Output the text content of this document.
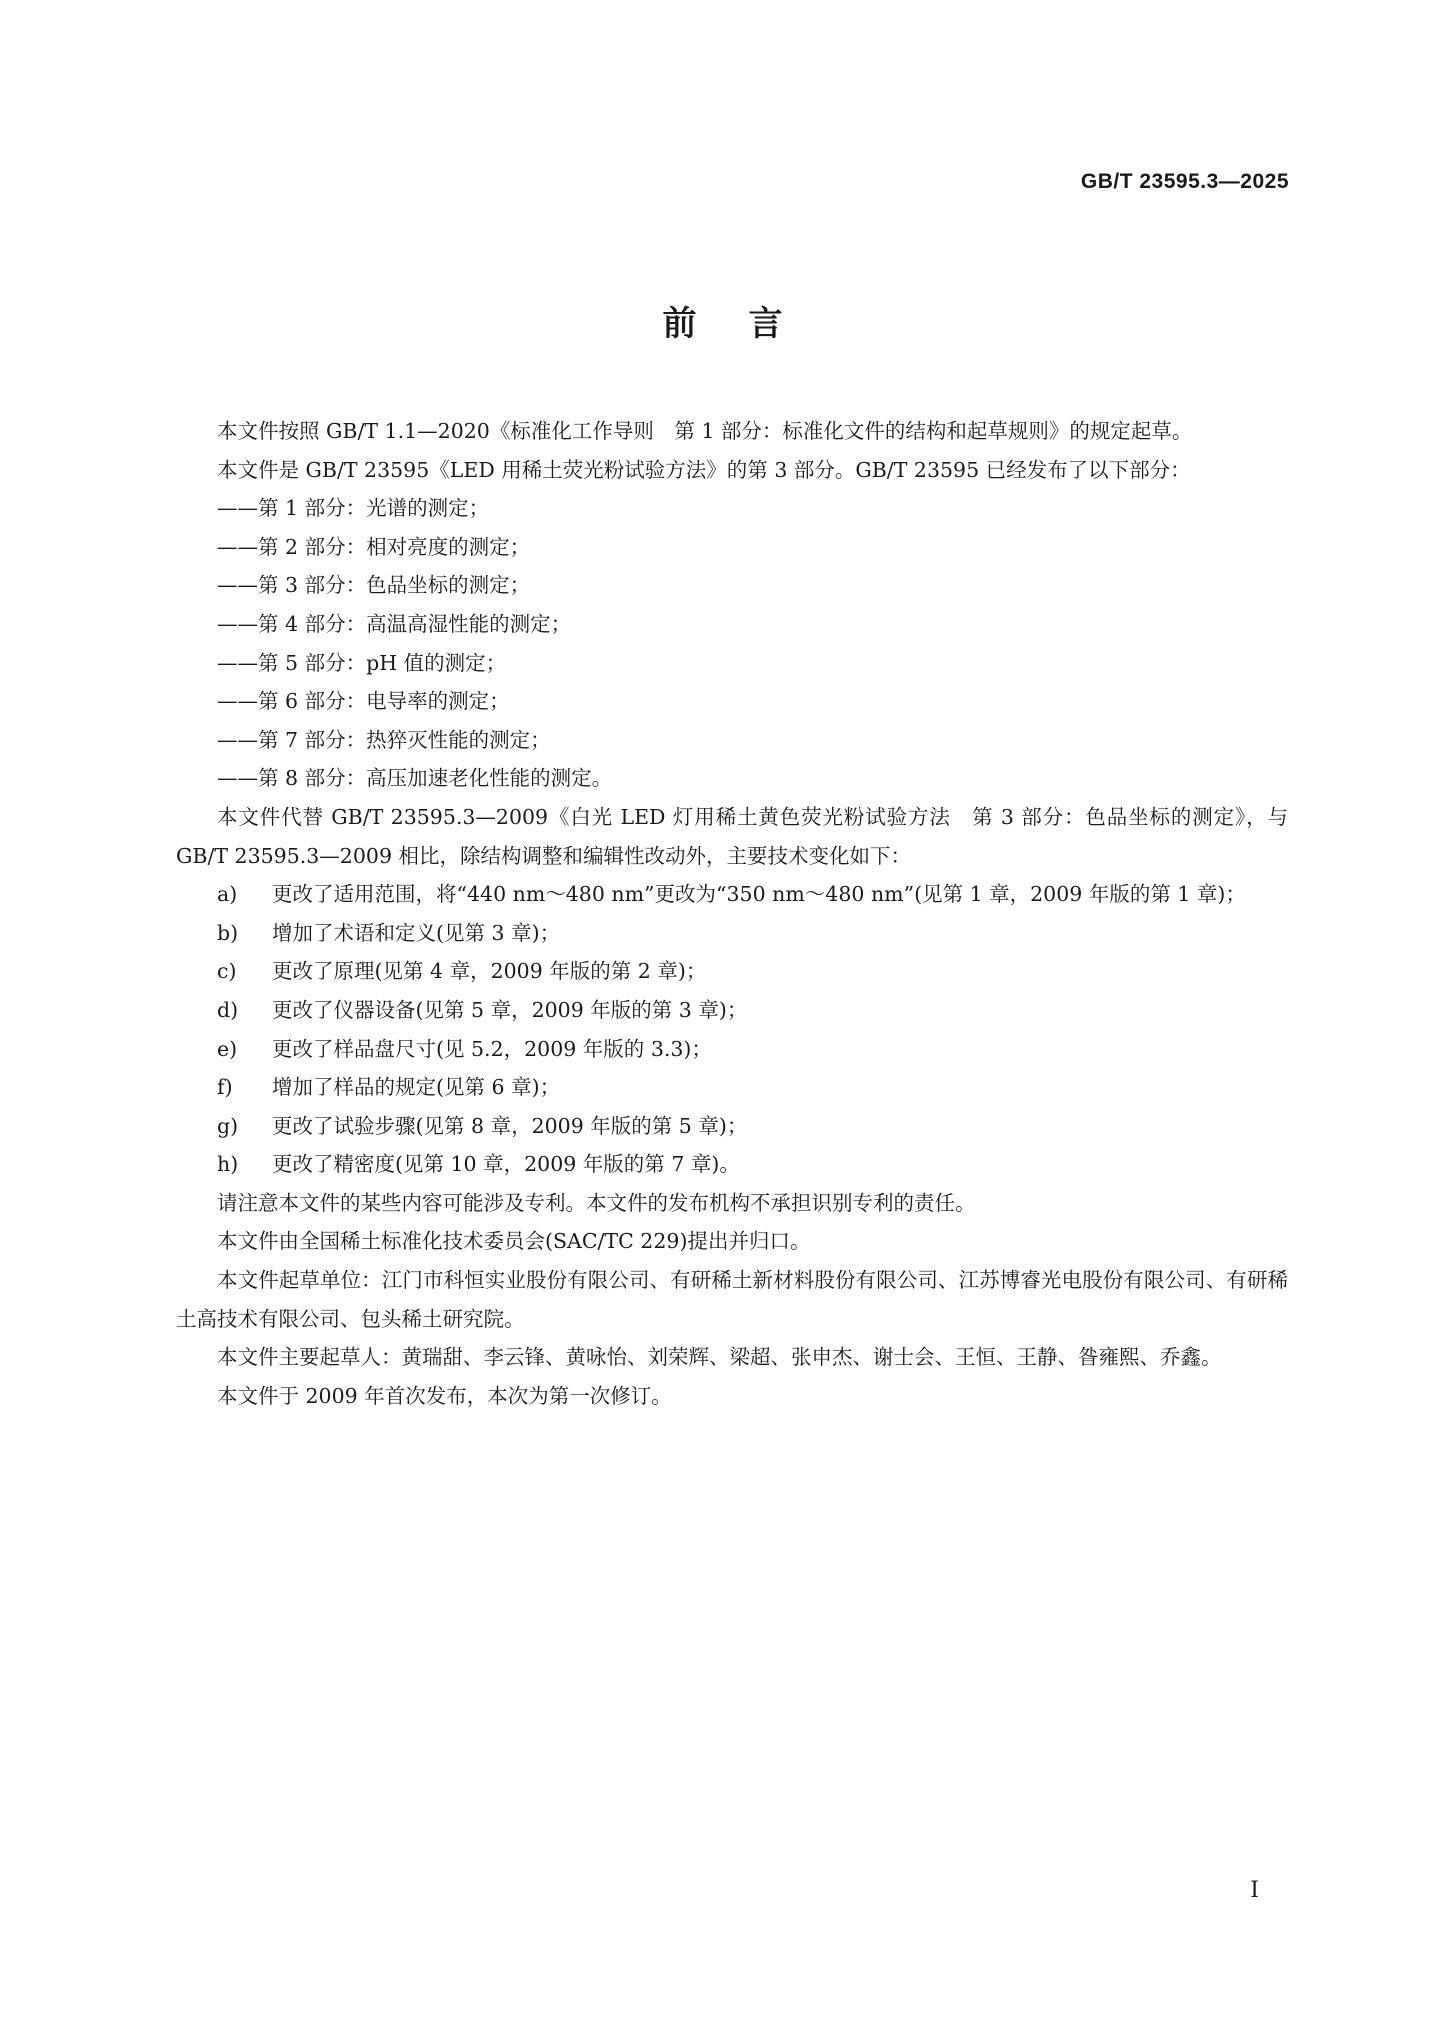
GB/T 23595.3—2025
前言

本文件按照 GB/T 1.1—2020《标准化工作导则　第 1 部分：标准化文件的结构和起草规则》的规定起草。

本文件是 GB/T 23595《LED 用稀土荧光粉试验方法》的第 3 部分。GB/T 23595 已经发布了以下部分：

——第 1 部分：光谱的测定；

——第 2 部分：相对亮度的测定；

——第 3 部分：色品坐标的测定；

——第 4 部分：高温高湿性能的测定；

——第 5 部分：pH 值的测定；

——第 6 部分：电导率的测定；

——第 7 部分：热猝灭性能的测定；

——第 8 部分：高压加速老化性能的测定。

本文件代替 GB/T 23595.3—2009《白光 LED 灯用稀土黄色荧光粉试验方法　第 3 部分：色品坐标的测定》，与 GB/T 23595.3—2009 相比，除结构调整和编辑性改动外，主要技术变化如下：

a) 更改了适用范围，将“440 nm～480 nm”更改为“350 nm～480 nm”(见第 1 章，2009 年版的第 1 章)；

b) 增加了术语和定义(见第 3 章)；

c) 更改了原理(见第 4 章，2009 年版的第 2 章)；

d) 更改了仪器设备(见第 5 章，2009 年版的第 3 章)；

e) 更改了样品盘尺寸(见 5.2，2009 年版的 3.3)；

f) 增加了样品的规定(见第 6 章)；

g) 更改了试验步骤(见第 8 章，2009 年版的第 5 章)；

h) 更改了精密度(见第 10 章，2009 年版的第 7 章)。

请注意本文件的某些内容可能涉及专利。本文件的发布机构不承担识别专利的责任。

本文件由全国稀土标准化技术委员会(SAC/TC 229)提出并归口。

本文件起草单位：江门市科恒实业股份有限公司、有研稀土新材料股份有限公司、江苏博睿光电股份有限公司、有研稀土高技术有限公司、包头稀土研究院。

本文件主要起草人：黄瑞甜、李云锋、黄咏怡、刘荣辉、梁超、张申杰、谢士会、王恒、王静、昝雍熙、乔鑫。

本文件于 2009 年首次发布，本次为第一次修订。

I
